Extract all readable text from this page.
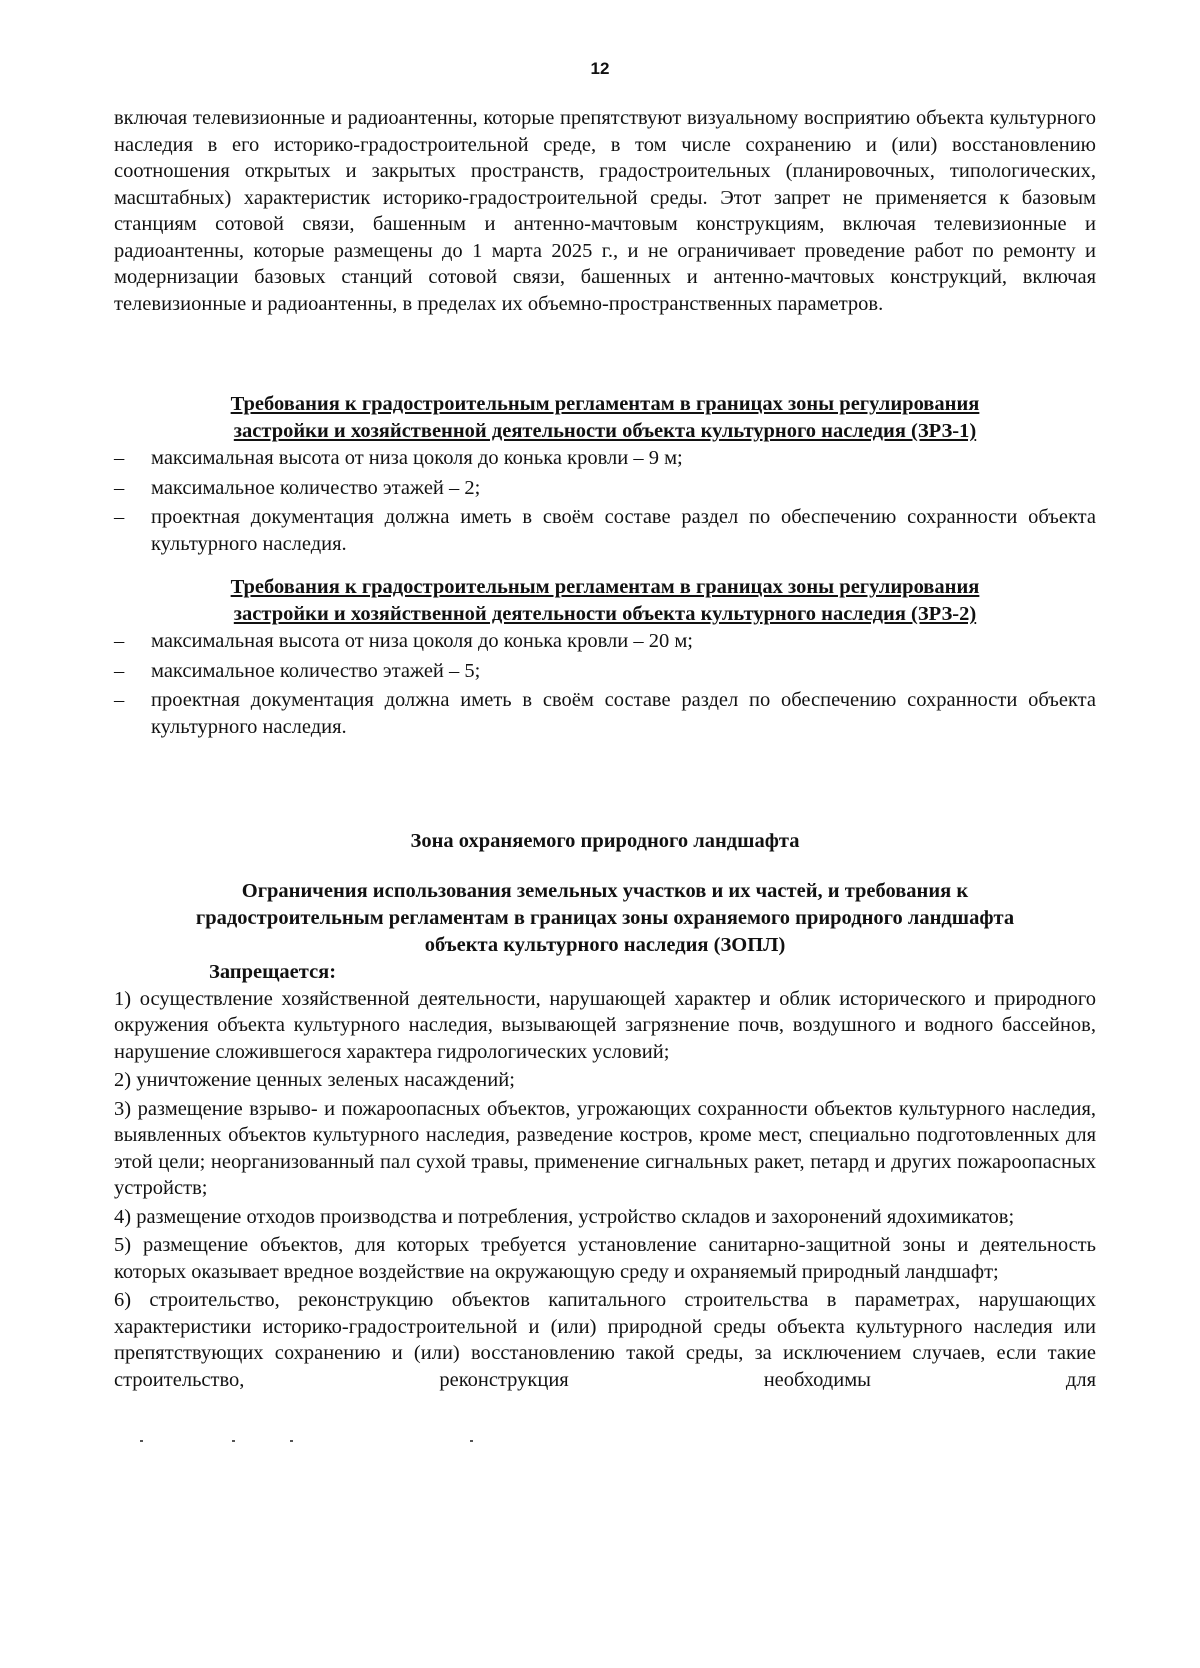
12
включая телевизионные и радиоантенны, которые препятствуют визуальному восприятию объекта культурного наследия в его историко-градостроительной среде, в том числе сохранению и (или) восстановлению соотношения открытых и закрытых пространств, градостроительных (планировочных, типологических, масштабных) характеристик историко-градостроительной среды. Этот запрет не применяется к базовым станциям сотовой связи, башенным и антенно-мачтовым конструкциям, включая телевизионные и радиоантенны, которые размещены до 1 марта 2025 г., и не ограничивает проведение работ по ремонту и модернизации базовых станций сотовой связи, башенных и антенно-мачтовых конструкций, включая телевизионные и радиоантенны, в пределах их объемно-пространственных параметров.

Требования к градостроительным регламентам в границах зоны регулирования

застройки и хозяйственной деятельности объекта культурного наследия (ЗРЗ-1)

– максимальная высота от низа цоколя до конька кровли – 9 м;
– максимальное количество этажей – 2;
– проектная документация должна иметь в своём составе раздел по обеспечению сохранности объекта культурного наследия.

Требования к градостроительным регламентам в границах зоны регулирования

застройки и хозяйственной деятельности объекта культурного наследия (ЗРЗ-2)

– максимальная высота от низа цоколя до конька кровли – 20 м;
– максимальное количество этажей – 5;
– проектная документация должна иметь в своём составе раздел по обеспечению сохранности объекта культурного наследия.

Зона охраняемого природного ландшафта

Ограничения использования земельных участков и их частей, и требования к

градостроительным регламентам в границах зоны охраняемого природного ландшафта

объекта культурного наследия (ЗОПЛ)

Запрещается:
1) осуществление хозяйственной деятельности, нарушающей характер и облик исторического и природного окружения объекта культурного наследия, вызывающей загрязнение почв, воздушного и водного бассейнов, нарушение сложившегося характера гидрологических условий;
2) уничтожение ценных зеленых насаждений;
3) размещение взрыво- и пожароопасных объектов, угрожающих сохранности объектов культурного наследия, выявленных объектов культурного наследия, разведение костров, кроме мест, специально подготовленных для этой цели; неорганизованный пал сухой травы, применение сигнальных ракет, петард и других пожароопасных устройств;
4) размещение отходов производства и потребления, устройство складов и захоронений ядохимикатов;
5) размещение объектов, для которых требуется установление санитарно-защитной зоны и деятельность которых оказывает вредное воздействие на окружающую среду и охраняемый природный ландшафт;
6) строительство, реконструкцию объектов капитального строительства в параметрах, нарушающих характеристики историко-градостроительной и (или) природной среды объекта культурного наследия или препятствующих сохранению и (или) восстановлению такой среды, за исключением случаев, если такие строительство, реконструкция необходимы для
